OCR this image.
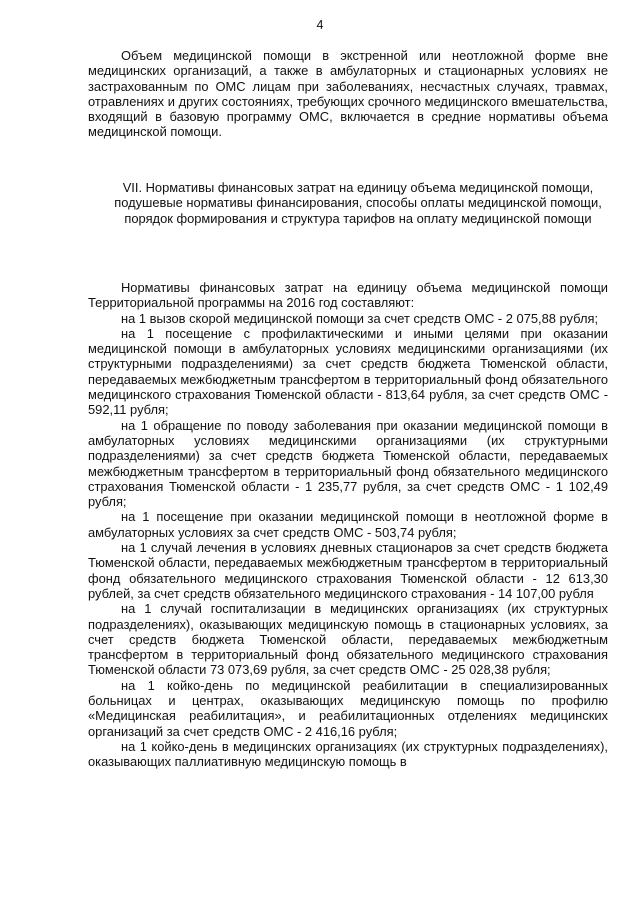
4

Объем медицинской помощи в экстренной или неотложной форме вне медицинских организаций, а также в амбулаторных и стационарных условиях не застрахованным по ОМС лицам при заболеваниях, несчастных случаях, травмах, отравлениях и других состояниях, требующих срочного медицинского вмешательства, входящий в базовую программу ОМС, включается в средние нормативы объема медицинской помощи.

VII. Нормативы финансовых затрат на единицу объема медицинской помощи, подушевые нормативы финансирования, способы оплаты медицинской помощи, порядок формирования и структура тарифов на оплату медицинской помощи

Нормативы финансовых затрат на единицу объема медицинской помощи Территориальной программы на 2016 год составляют:

на 1 вызов скорой медицинской помощи за счет средств ОМС - 2 075,88 рубля;

на 1 посещение с профилактическими и иными целями при оказании медицинской помощи в амбулаторных условиях медицинскими организациями (их структурными подразделениями) за счет средств бюджета Тюменской области, передаваемых межбюджетным трансфертом в территориальный фонд обязательного медицинского страхования Тюменской области - 813,64 рубля, за счет средств ОМС - 592,11 рубля;

на 1 обращение по поводу заболевания при оказании медицинской помощи в амбулаторных условиях медицинскими организациями (их структурными подразделениями) за счет средств бюджета Тюменской области, передаваемых межбюджетным трансфертом в территориальный фонд обязательного медицинского страхования Тюменской области - 1 235,77 рубля, за счет средств ОМС - 1 102,49 рубля;

на 1 посещение при оказании медицинской помощи в неотложной форме в амбулаторных условиях за счет средств ОМС - 503,74 рубля;

на 1 случай лечения в условиях дневных стационаров за счет средств бюджета Тюменской области, передаваемых межбюджетным трансфертом в территориальный фонд обязательного медицинского страхования Тюменской области - 12 613,30 рублей, за счет средств обязательного медицинского страхования - 14 107,00 рубля

на 1 случай госпитализации в медицинских организациях (их структурных подразделениях), оказывающих медицинскую помощь в стационарных условиях, за счет средств бюджета Тюменской области, передаваемых межбюджетным трансфертом в территориальный фонд обязательного медицинского страхования Тюменской области 73 073,69 рубля, за счет средств ОМС - 25 028,38 рубля;

на 1 койко-день по медицинской реабилитации в специализированных больницах и центрах, оказывающих медицинскую помощь по профилю «Медицинская реабилитация», и реабилитационных отделениях медицинских организаций за счет средств ОМС - 2 416,16 рубля;

на 1 койко-день в медицинских организациях (их структурных подразделениях), оказывающих паллиативную медицинскую помощь в
